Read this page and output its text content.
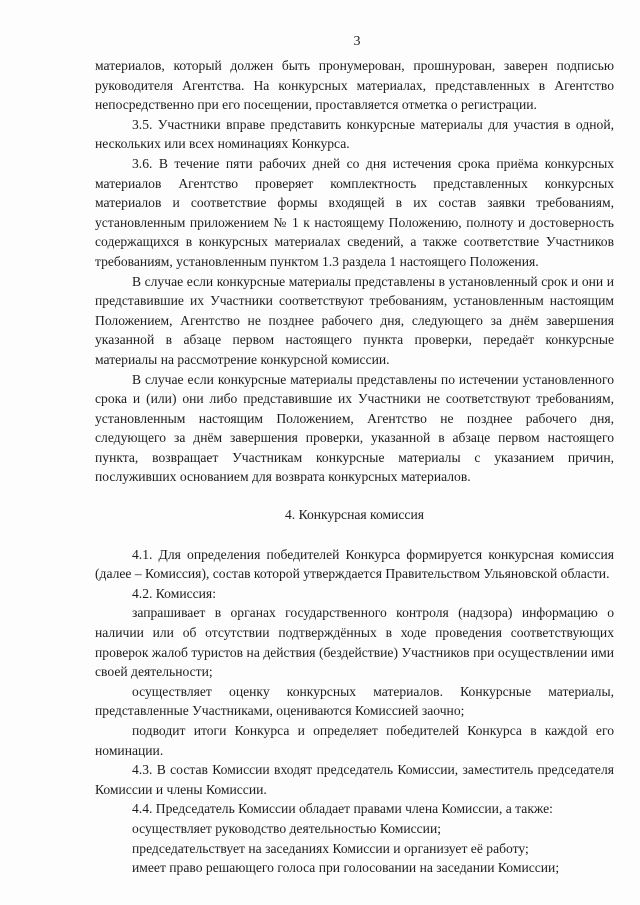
3

материалов, который должен быть пронумерован, прошнурован, заверен подписью руководителя Агентства. На конкурсных материалах, представленных в Агентство непосредственно при его посещении, проставляется отметка о регистрации.

3.5. Участники вправе представить конкурсные материалы для участия в одной, нескольких или всех номинациях Конкурса.

3.6. В течение пяти рабочих дней со дня истечения срока приёма конкурсных материалов Агентство проверяет комплектность представленных конкурсных материалов и соответствие формы входящей в их состав заявки требованиям, установленным приложением № 1 к настоящему Положению, полноту и достоверность содержащихся в конкурсных материалах сведений, а также соответствие Участников требованиям, установленным пунктом 1.3 раздела 1 настоящего Положения.

В случае если конкурсные материалы представлены в установленный срок и они и представившие их Участники соответствуют требованиям, установленным настоящим Положением, Агентство не позднее рабочего дня, следующего за днём завершения указанной в абзаце первом настоящего пункта проверки, передаёт конкурсные материалы на рассмотрение конкурсной комиссии.

В случае если конкурсные материалы представлены по истечении установленного срока и (или) они либо представившие их Участники не соответствуют требованиям, установленным настоящим Положением, Агентство не позднее рабочего дня, следующего за днём завершения проверки, указанной в абзаце первом настоящего пункта, возвращает Участникам конкурсные материалы с указанием причин, послуживших основанием для возврата конкурсных материалов.

4. Конкурсная комиссия

4.1. Для определения победителей Конкурса формируется конкурсная комиссия (далее – Комиссия), состав которой утверждается Правительством Ульяновской области.

4.2. Комиссия:

запрашивает в органах государственного контроля (надзора) информацию о наличии или об отсутствии подтверждённых в ходе проведения соответствующих проверок жалоб туристов на действия (бездействие) Участников при осуществлении ими своей деятельности;

осуществляет оценку конкурсных материалов. Конкурсные материалы, представленные Участниками, оцениваются Комиссией заочно;

подводит итоги Конкурса и определяет победителей Конкурса в каждой его номинации.

4.3. В состав Комиссии входят председатель Комиссии, заместитель председателя Комиссии и члены Комиссии.

4.4. Председатель Комиссии обладает правами члена Комиссии, а также:

осуществляет руководство деятельностью Комиссии;

председательствует на заседаниях Комиссии и организует её работу;

имеет право решающего голоса при голосовании на заседании Комиссии;
